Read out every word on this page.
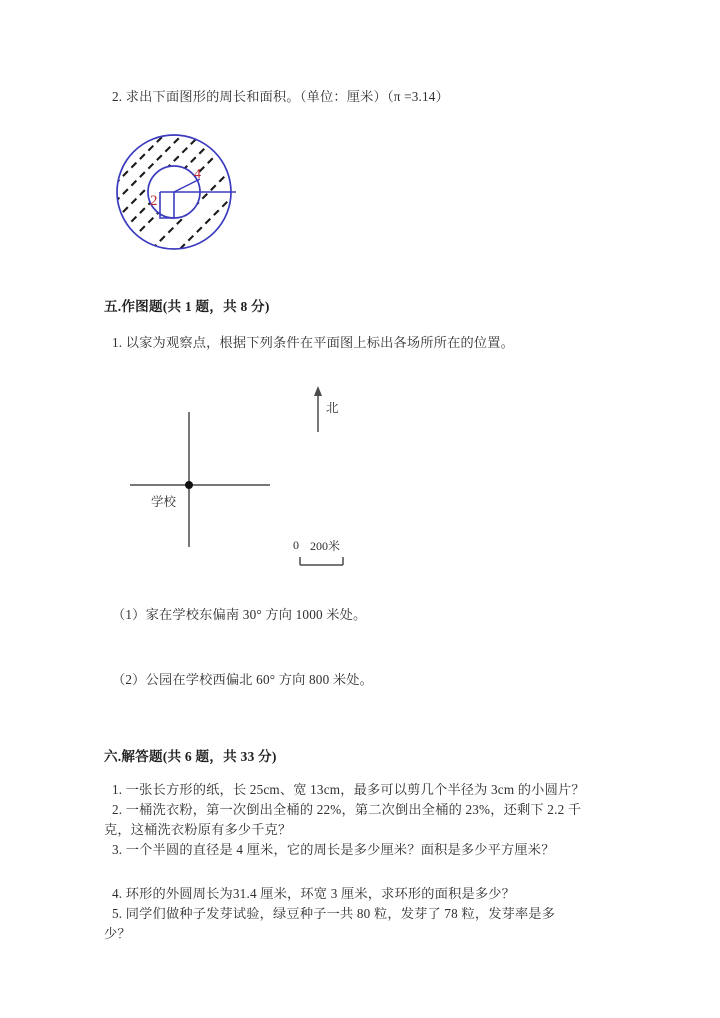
2. 求出下面图形的周长和面积。（单位：厘米）（π =3.14）
2
4
五.作图题(共 1 题，共 8 分)
1. 以家为观察点，根据下列条件在平面图上标出各场所所在的位置。
学校
北
0 200米
（1）家在学校东偏南 30° 方向 1000 米处。
（2）公园在学校西偏北 60° 方向 800 米处。
六.解答题(共 6 题，共 33 分)
1. 一张长方形的纸，长 25cm、宽 13cm，最多可以剪几个半径为 3cm 的小圆片？
2. 一桶洗衣粉，第一次倒出全桶的 22%，第二次倒出全桶的 23%，还剩下 2.2 千
克，这桶洗衣粉原有多少千克？
3. 一个半圆的直径是 4 厘米，它的周长是多少厘米？面积是多少平方厘米？
4. 环形的外圆周长为31.4 厘米，环宽 3 厘米，求环形的面积是多少？
5. 同学们做种子发芽试验，绿豆种子一共 80 粒，发芽了 78 粒，发芽率是多
少？
